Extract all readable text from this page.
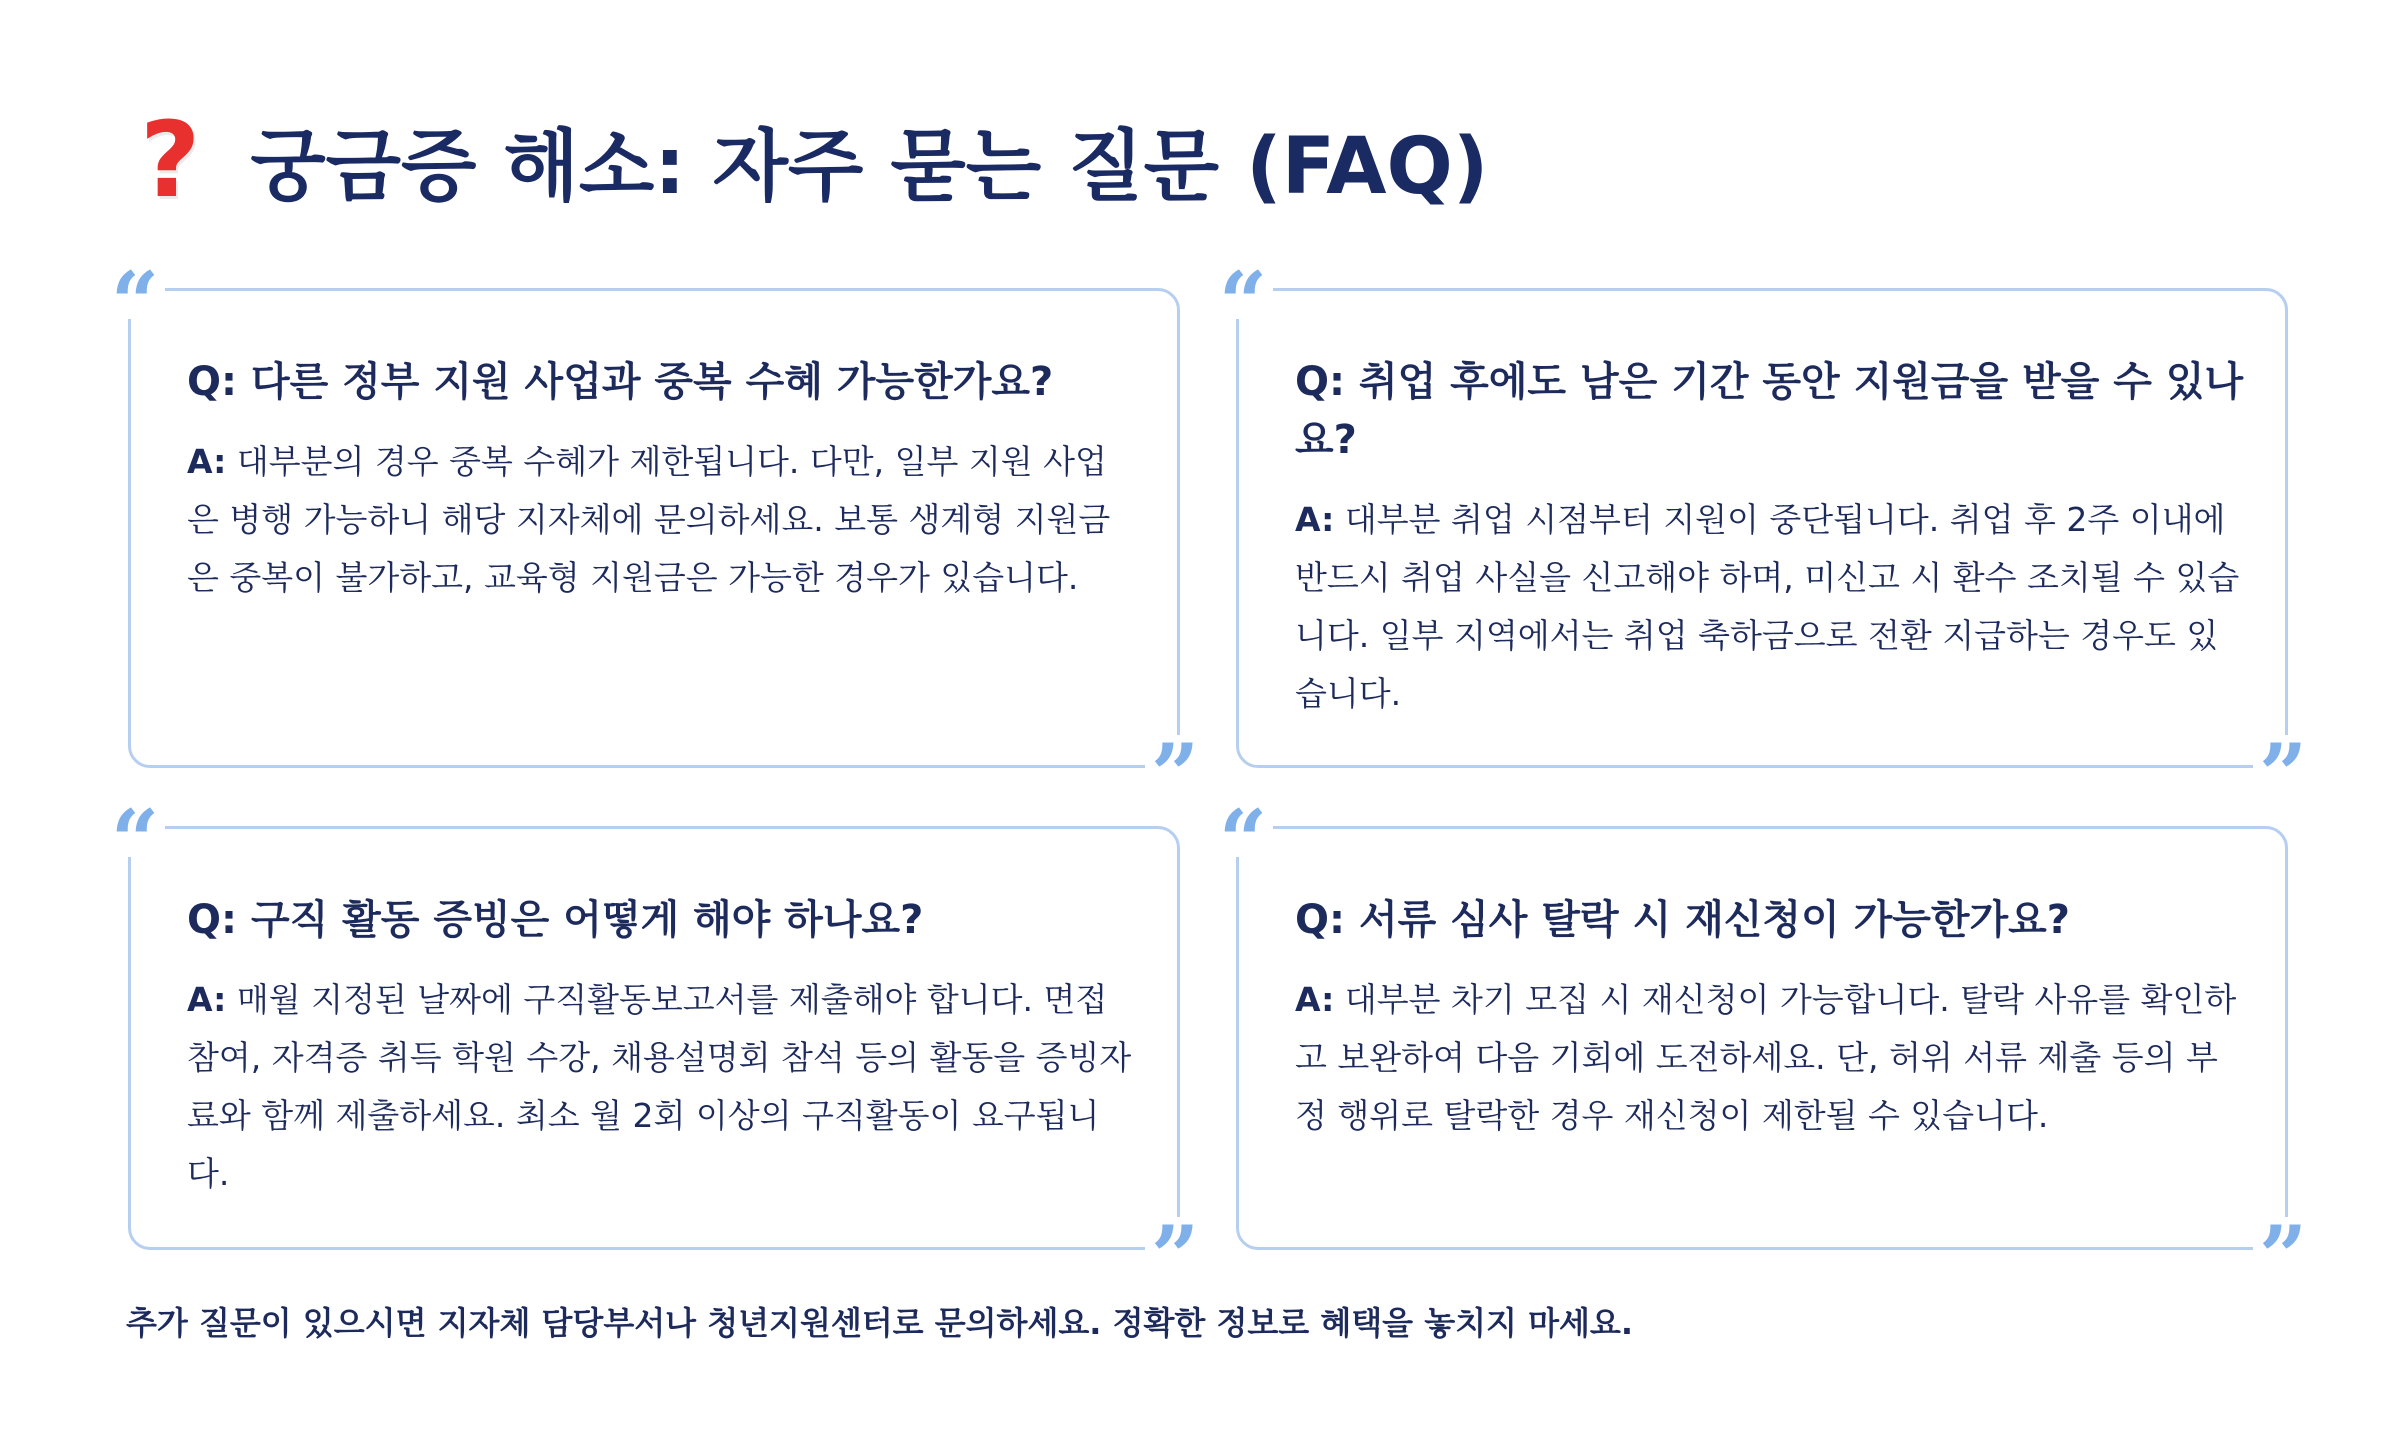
? 궁금증 해소: 자주 묻는 질문 (FAQ)
“

Q: 다른 정부 지원 사업과 중복 수혜 가능한가요?

A: 대부분의 경우 중복 수혜가 제한됩니다. 다만, 일부 지원 사업은 병행 가능하니 해당 지자체에 문의하세요. 보통 생계형 지원금은 중복이 불가하고, 교육형 지원금은 가능한 경우가 있습니다.

”
“

Q: 취업 후에도 남은 기간 동안 지원금을 받을 수 있나요?

A: 대부분 취업 시점부터 지원이 중단됩니다. 취업 후 2주 이내에 반드시 취업 사실을 신고해야 하며, 미신고 시 환수 조치될 수 있습니다. 일부 지역에서는 취업 축하금으로 전환 지급하는 경우도 있습니다.

”
“

Q: 구직 활동 증빙은 어떻게 해야 하나요?

A: 매월 지정된 날짜에 구직활동보고서를 제출해야 합니다. 면접 참여, 자격증 취득 학원 수강, 채용설명회 참석 등의 활동을 증빙자료와 함께 제출하세요. 최소 월 2회 이상의 구직활동이 요구됩니다.

”
“

Q: 서류 심사 탈락 시 재신청이 가능한가요?

A: 대부분 차기 모집 시 재신청이 가능합니다. 탈락 사유를 확인하고 보완하여 다음 기회에 도전하세요. 단, 허위 서류 제출 등의 부정 행위로 탈락한 경우 재신청이 제한될 수 있습니다.

”
추가 질문이 있으시면 지자체 담당부서나 청년지원센터로 문의하세요. 정확한 정보로 혜택을 놓치지 마세요.
